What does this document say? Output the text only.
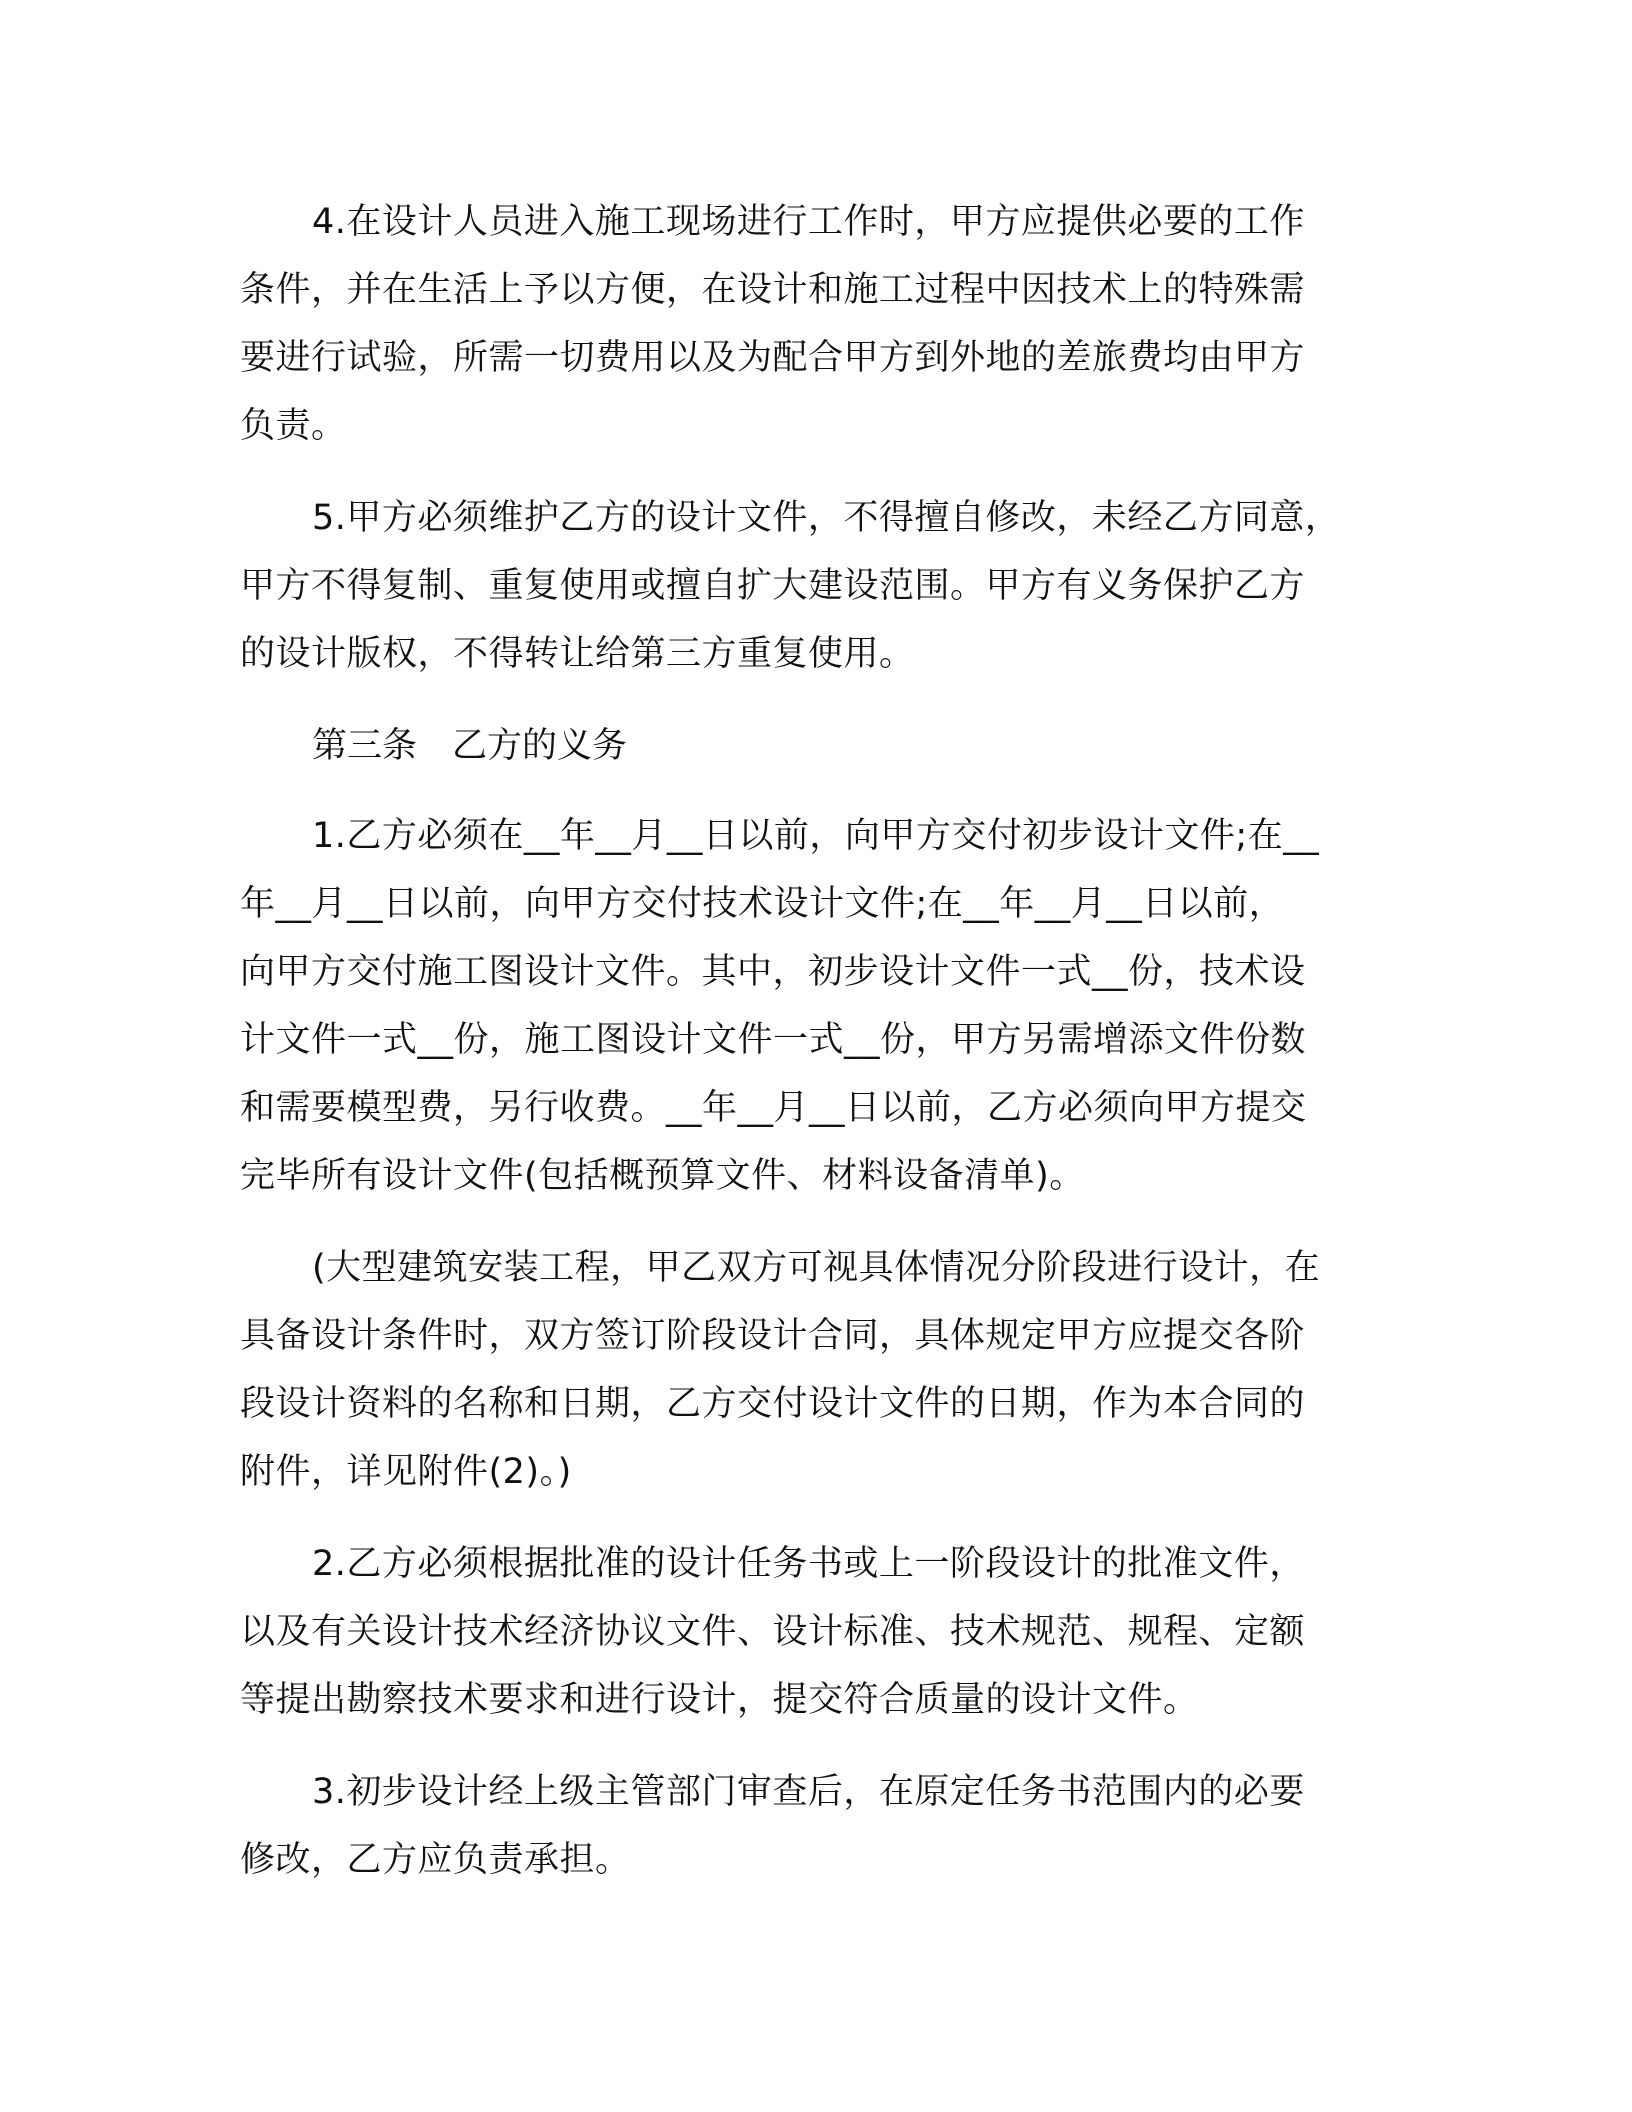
4.在设计人员进入施工现场进行工作时，甲方应提供必要的工作
条件，并在生活上予以方便，在设计和施工过程中因技术上的特殊需
要进行试验，所需一切费用以及为配合甲方到外地的差旅费均由甲方
负责。
5.甲方必须维护乙方的设计文件，不得擅自修改，未经乙方同意，
甲方不得复制、重复使用或擅自扩大建设范围。甲方有义务保护乙方
的设计版权，不得转让给第三方重复使用。
第三条　乙方的义务
1.乙方必须在__年__月__日以前，向甲方交付初步设计文件;在__
年__月__日以前，向甲方交付技术设计文件;在__年__月__日以前，
向甲方交付施工图设计文件。其中，初步设计文件一式__份，技术设
计文件一式__份，施工图设计文件一式__份，甲方另需增添文件份数
和需要模型费，另行收费。__年__月__日以前，乙方必须向甲方提交
完毕所有设计文件(包括概预算文件、材料设备清单)。
(大型建筑安装工程，甲乙双方可视具体情况分阶段进行设计，在
具备设计条件时，双方签订阶段设计合同，具体规定甲方应提交各阶
段设计资料的名称和日期，乙方交付设计文件的日期，作为本合同的
附件，详见附件(2)。)
2.乙方必须根据批准的设计任务书或上一阶段设计的批准文件，
以及有关设计技术经济协议文件、设计标准、技术规范、规程、定额
等提出勘察技术要求和进行设计，提交符合质量的设计文件。
3.初步设计经上级主管部门审查后，在原定任务书范围内的必要
修改，乙方应负责承担。
